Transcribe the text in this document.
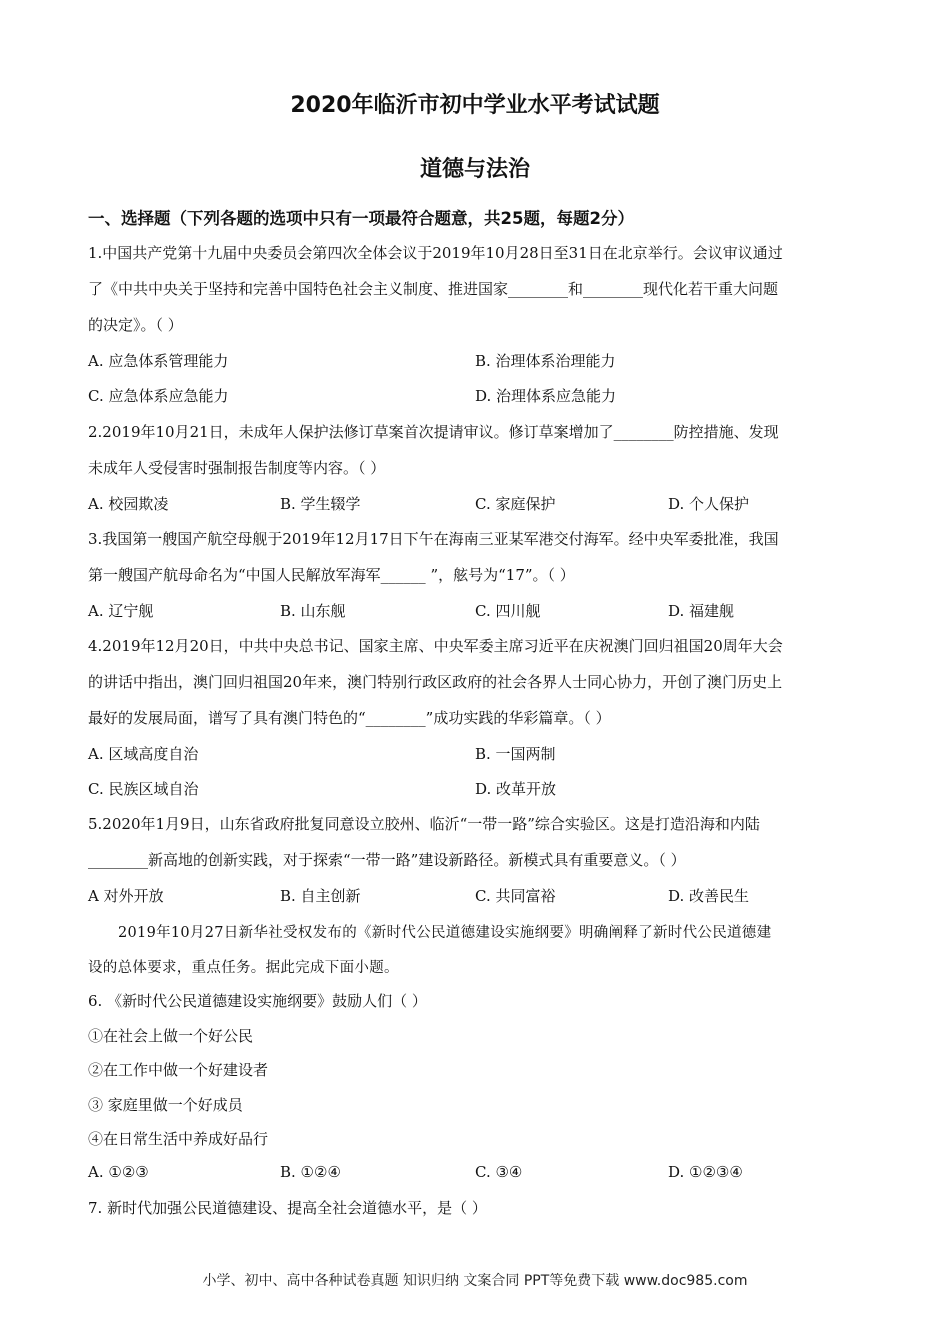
2020年临沂市初中学业水平考试试题
道德与法治
一、选择题（下列各题的选项中只有一项最符合题意，共25题，每题2分）
1.中国共产党第十九届中央委员会第四次全体会议于2019年10月28日至31日在北京举行。会议审议通过
了《中共中央关于坚持和完善中国特色社会主义制度、推进国家________和________现代化若干重大问题
的决定》。（ ）
A. 应急体系管理能力	B. 治理体系治理能力
C. 应急体系应急能力	D. 治理体系应急能力
2.2019年10月21日，未成年人保护法修订草案首次提请审议。修订草案增加了________防控措施、发现
未成年人受侵害时强制报告制度等内容。（ ）
A. 校园欺凌	B. 学生辍学	C. 家庭保护	D. 个人保护
3.我国第一艘国产航空母舰于2019年12月17日下午在海南三亚某军港交付海军。经中央军委批准，我国
第一艘国产航母命名为“中国人民解放军海军______ ”，舷号为“17”。（ ）
A. 辽宁舰	B. 山东舰	C. 四川舰	D. 福建舰
4.2019年12月20日，中共中央总书记、国家主席、中央军委主席习近平在庆祝澳门回归祖国20周年大会
的讲话中指出，澳门回归祖国20年来，澳门特别行政区政府的社会各界人士同心协力，开创了澳门历史上
最好的发展局面，谱写了具有澳门特色的“________”成功实践的华彩篇章。（ ）
A. 区域高度自治	B. 一国两制
C. 民族区域自治	D. 改革开放
5.2020年1月9日，山东省政府批复同意设立胶州、临沂“一带一路”综合实验区。这是打造沿海和内陆
________新高地的创新实践，对于探索“一带一路”建设新路径。新模式具有重要意义。（ ）
A 对外开放	B. 自主创新	C. 共同富裕	D. 改善民生
2019年10月27日新华社受权发布的《新时代公民道德建设实施纲要》明确阐释了新时代公民道德建
设的总体要求，重点任务。据此完成下面小题。
6. 《新时代公民道德建设实施纲要》鼓励人们（ ）
①在社会上做一个好公民
②在工作中做一个好建设者
③ 家庭里做一个好成员
④在日常生活中养成好品行
A. ①②③	B. ①②④	C. ③④	D. ①②③④
7. 新时代加强公民道德建设、提高全社会道德水平，是（ ）
小学、初中、高中各种试卷真题 知识归纳 文案合同 PPT等免费下载 www.doc985.com
